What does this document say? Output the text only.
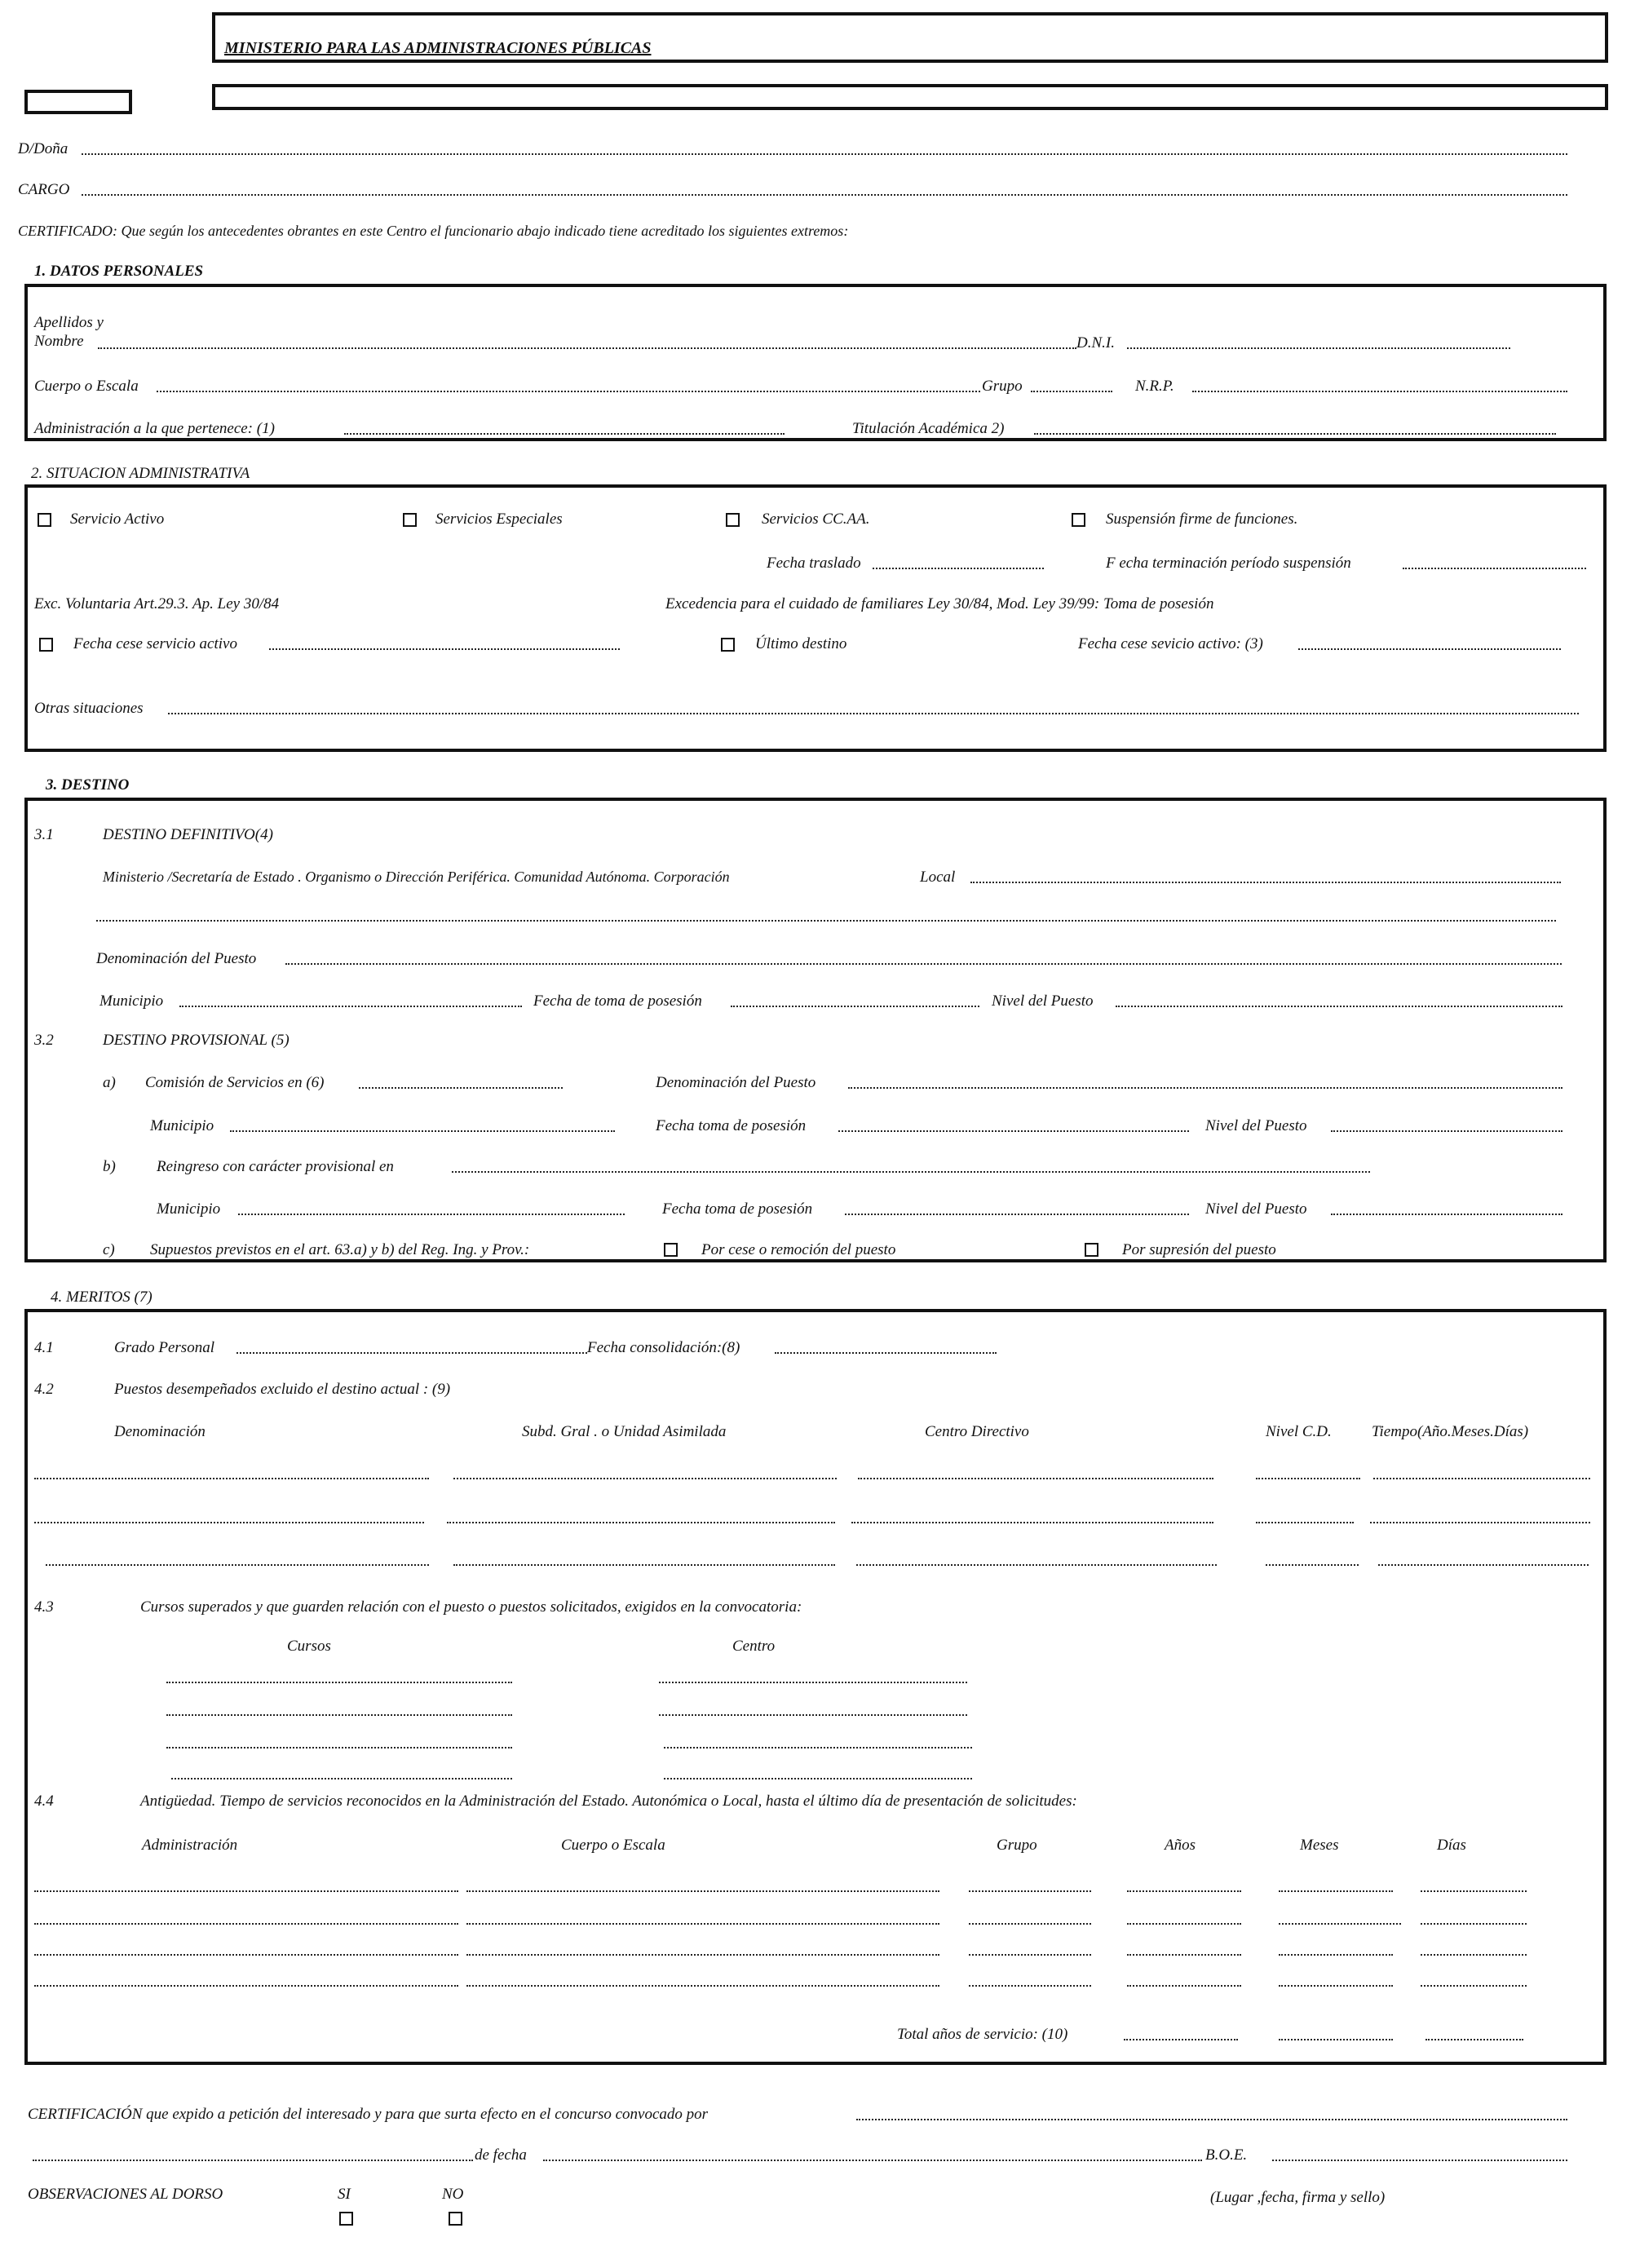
MINISTERIO PARA LAS ADMINISTRACIONES PÚBLICAS
D/Doña
CARGO
CERTIFICADO: Que según los antecedentes obrantes en este Centro el funcionario abajo indicado tiene acreditado los siguientes extremos:
1. DATOS PERSONALES
Apellidos y
Nombre	D.N.I.
Cuerpo o Escala	Grupo	N.R.P.
Administración a la que pertenece: (1)	Titulación Académica 2)
2. SITUACION ADMINISTRATIVA
Servicio Activo	Servicios Especiales	Servicios CC.AA.	Suspensión firme de funciones.
Fecha traslado	F echa terminación período suspensión
Exc. Voluntaria Art.29.3. Ap. Ley 30/84	Excedencia para el cuidado de familiares Ley 30/84, Mod. Ley 39/99: Toma de posesión
Fecha cese servicio activo	Último destino	Fecha cese sevicio activo: (3)
Otras situaciones
3. DESTINO
3.1	DESTINO DEFINITIVO(4)
Ministerio /Secretaría de Estado . Organismo o Dirección Periférica. Comunidad Autónoma. Corporación	Local
Denominación del Puesto
Municipio	Fecha de toma de posesión	Nivel del Puesto
3.2	DESTINO PROVISIONAL (5)
a) Comisión de Servicios en (6)	Denominación del Puesto
Municipio	Fecha toma de posesión	Nivel del Puesto
b)	Reingreso con carácter provisional en
Municipio	Fecha toma de posesión	Nivel del Puesto
c) Supuestos previstos en el art. 63.a) y b) del Reg. Ing. y Prov.:	Por cese o remoción del puesto	Por supresión del puesto
4. MERITOS (7)
4.1	Grado Personal	Fecha consolidación:(8)
4.2	Puestos desempeñados excluido el destino actual : (9)
Denominación	Subd. Gral . o Unidad Asimilada	Centro Directivo	Nivel C.D.	Tiempo(Año.Meses.Días)
4.3	Cursos superados y que guarden relación con el puesto o puestos solicitados, exigidos en la convocatoria:
Cursos	Centro
4.4	Antigüedad. Tiempo de servicios reconocidos en la Administración del Estado. Autonómica o Local, hasta el último día de presentación de solicitudes:
Administración	Cuerpo o Escala	Grupo	Años	Meses	Días
Total años de servicio: (10)
CERTIFICACIÓN que expido a petición del interesado y para que surta efecto en el concurso convocado por
de fecha	B.O.E.
OBSERVACIONES AL DORSO	SI	NO	(Lugar ,fecha, firma y sello)
